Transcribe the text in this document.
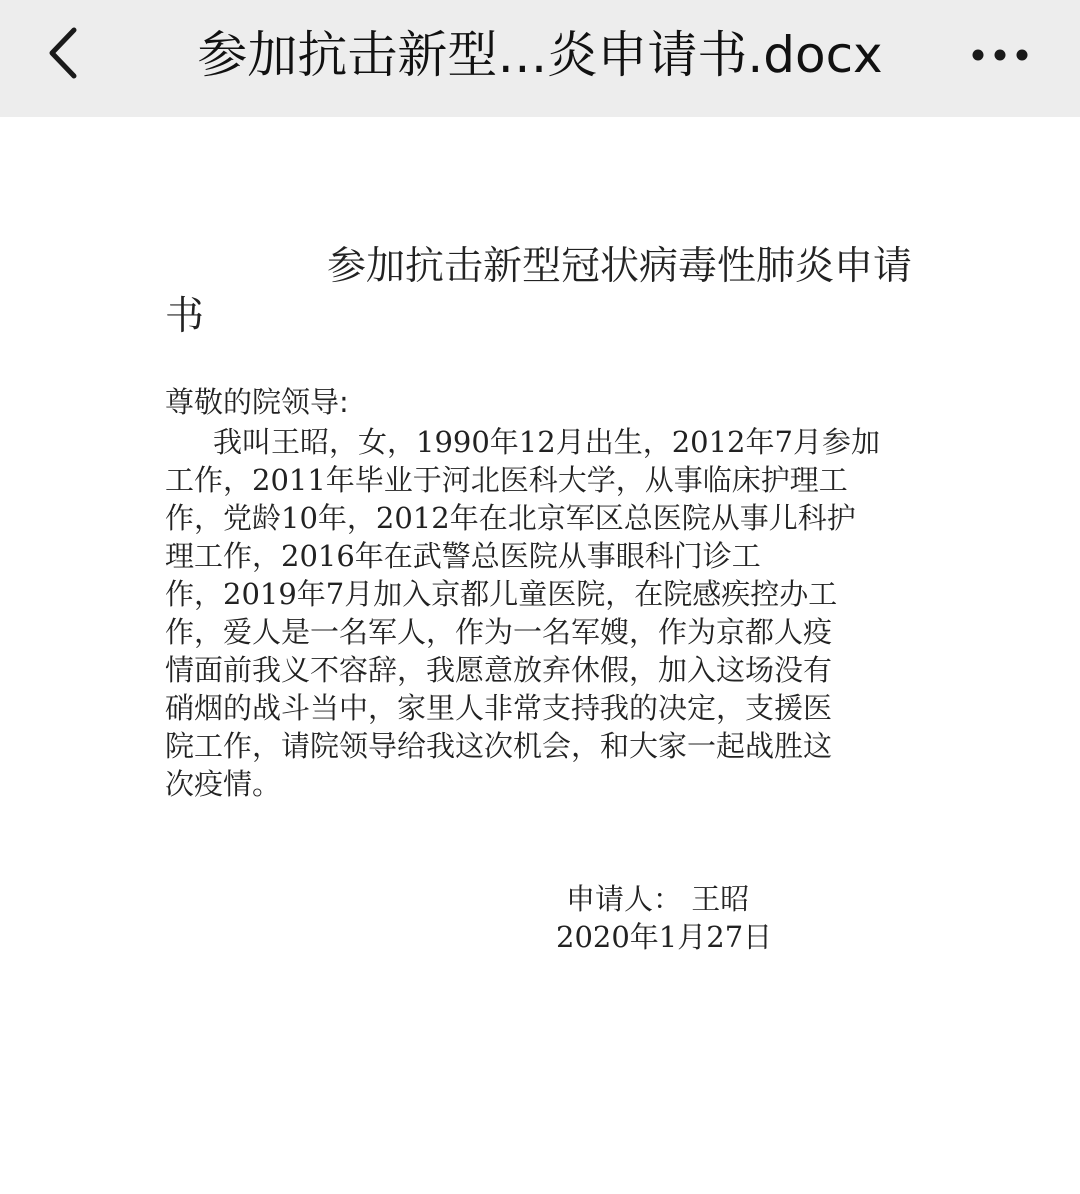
参加抗击新型…炎申请书.docx
参加抗击新型冠状病毒性肺炎申请书
尊敬的院领导:
我叫王昭，女，1990年12月出生，2012年7月参加
工作，2011年毕业于河北医科大学，从事临床护理工
作，党龄10年，2012年在北京军区总医院从事儿科护
理工作，2016年在武警总医院从事眼科门诊工
作，2019年7月加入京都儿童医院，在院感疾控办工
作，爱人是一名军人，作为一名军嫂，作为京都人疫
情面前我义不容辞，我愿意放弃休假，加入这场没有
硝烟的战斗当中，家里人非常支持我的决定，支援医
院工作，请院领导给我这次机会，和大家一起战胜这
次疫情。
申请人： 王昭
2020年1月27日
